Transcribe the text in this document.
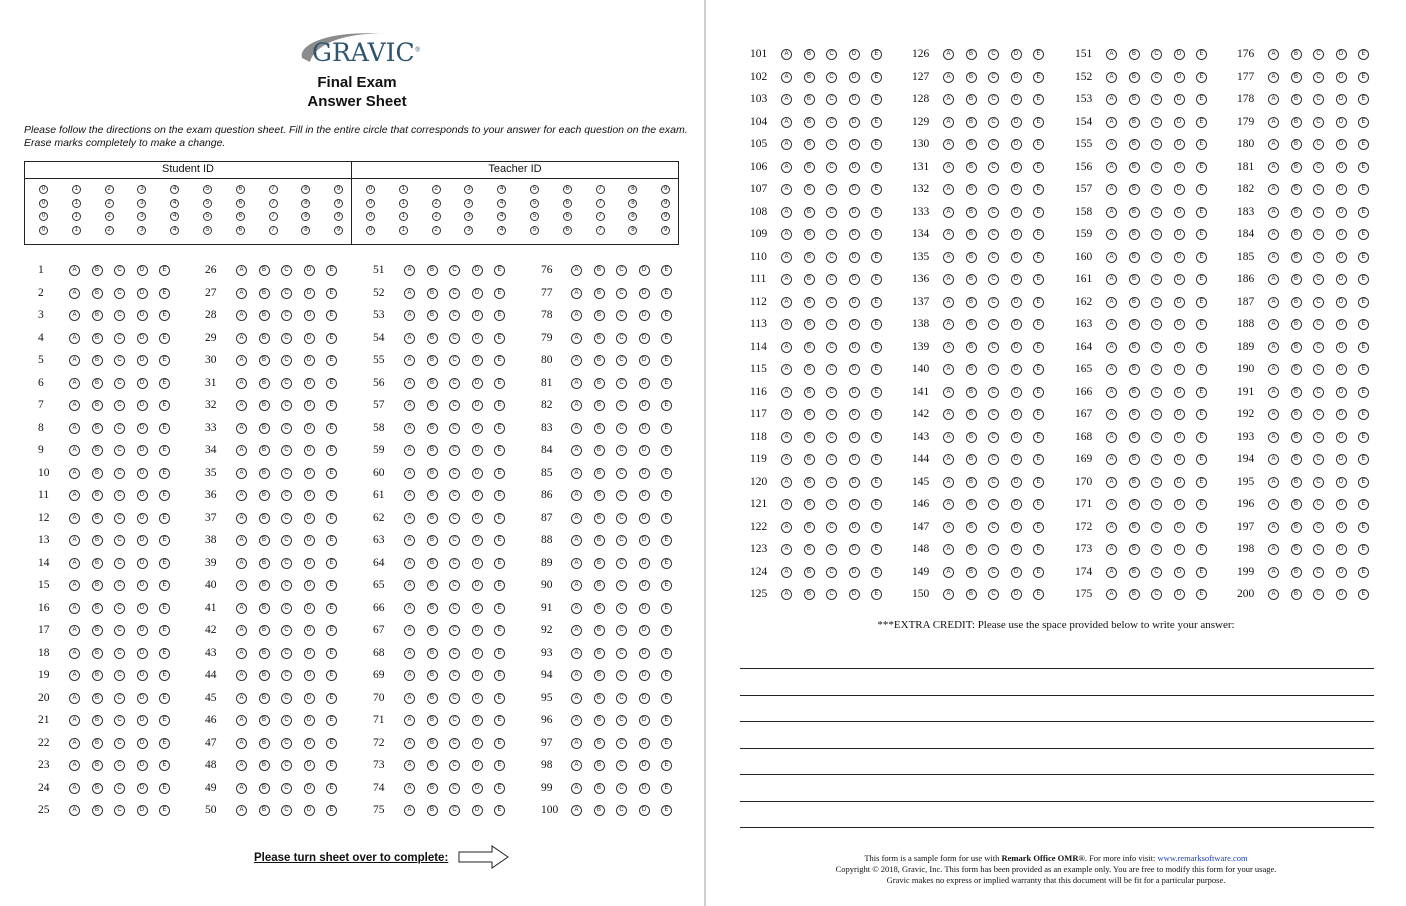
GRAVIC®
Final Exam
Answer Sheet
Please follow the directions on the exam question sheet. Fill in the entire circle that corresponds to your answer for each question on the exam. Erase marks completely to make a change.
Student ID
0	1	2	3	4	5	6	7	8	9
0	1	2	3	4	5	6	7	8	9
0	1	2	3	4	5	6	7	8	9
0	1	2	3	4	5	6	7	8	9
Teacher ID
0	1	2	3	4	5	6	7	8	9
0	1	2	3	4	5	6	7	8	9
0	1	2	3	4	5	6	7	8	9
0	1	2	3	4	5	6	7	8	9
1	A	B	C	D	E
2	A	B	C	D	E
3	A	B	C	D	E
4	A	B	C	D	E
5	A	B	C	D	E
6	A	B	C	D	E
7	A	B	C	D	E
8	A	B	C	D	E
9	A	B	C	D	E
10	A	B	C	D	E
11	A	B	C	D	E
12	A	B	C	D	E
13	A	B	C	D	E
14	A	B	C	D	E
15	A	B	C	D	E
16	A	B	C	D	E
17	A	B	C	D	E
18	A	B	C	D	E
19	A	B	C	D	E
20	A	B	C	D	E
21	A	B	C	D	E
22	A	B	C	D	E
23	A	B	C	D	E
24	A	B	C	D	E
25	A	B	C	D	E
26	A	B	C	D	E
27	A	B	C	D	E
28	A	B	C	D	E
29	A	B	C	D	E
30	A	B	C	D	E
31	A	B	C	D	E
32	A	B	C	D	E
33	A	B	C	D	E
34	A	B	C	D	E
35	A	B	C	D	E
36	A	B	C	D	E
37	A	B	C	D	E
38	A	B	C	D	E
39	A	B	C	D	E
40	A	B	C	D	E
41	A	B	C	D	E
42	A	B	C	D	E
43	A	B	C	D	E
44	A	B	C	D	E
45	A	B	C	D	E
46	A	B	C	D	E
47	A	B	C	D	E
48	A	B	C	D	E
49	A	B	C	D	E
50	A	B	C	D	E
51	A	B	C	D	E
52	A	B	C	D	E
53	A	B	C	D	E
54	A	B	C	D	E
55	A	B	C	D	E
56	A	B	C	D	E
57	A	B	C	D	E
58	A	B	C	D	E
59	A	B	C	D	E
60	A	B	C	D	E
61	A	B	C	D	E
62	A	B	C	D	E
63	A	B	C	D	E
64	A	B	C	D	E
65	A	B	C	D	E
66	A	B	C	D	E
67	A	B	C	D	E
68	A	B	C	D	E
69	A	B	C	D	E
70	A	B	C	D	E
71	A	B	C	D	E
72	A	B	C	D	E
73	A	B	C	D	E
74	A	B	C	D	E
75	A	B	C	D	E
76	A	B	C	D	E
77	A	B	C	D	E
78	A	B	C	D	E
79	A	B	C	D	E
80	A	B	C	D	E
81	A	B	C	D	E
82	A	B	C	D	E
83	A	B	C	D	E
84	A	B	C	D	E
85	A	B	C	D	E
86	A	B	C	D	E
87	A	B	C	D	E
88	A	B	C	D	E
89	A	B	C	D	E
90	A	B	C	D	E
91	A	B	C	D	E
92	A	B	C	D	E
93	A	B	C	D	E
94	A	B	C	D	E
95	A	B	C	D	E
96	A	B	C	D	E
97	A	B	C	D	E
98	A	B	C	D	E
99	A	B	C	D	E
100	A	B	C	D	E
Please turn sheet over to complete:
101	A	B	C	D	E
102	A	B	C	D	E
103	A	B	C	D	E
104	A	B	C	D	E
105	A	B	C	D	E
106	A	B	C	D	E
107	A	B	C	D	E
108	A	B	C	D	E
109	A	B	C	D	E
110	A	B	C	D	E
111	A	B	C	D	E
112	A	B	C	D	E
113	A	B	C	D	E
114	A	B	C	D	E
115	A	B	C	D	E
116	A	B	C	D	E
117	A	B	C	D	E
118	A	B	C	D	E
119	A	B	C	D	E
120	A	B	C	D	E
121	A	B	C	D	E
122	A	B	C	D	E
123	A	B	C	D	E
124	A	B	C	D	E
125	A	B	C	D	E
126	A	B	C	D	E
127	A	B	C	D	E
128	A	B	C	D	E
129	A	B	C	D	E
130	A	B	C	D	E
131	A	B	C	D	E
132	A	B	C	D	E
133	A	B	C	D	E
134	A	B	C	D	E
135	A	B	C	D	E
136	A	B	C	D	E
137	A	B	C	D	E
138	A	B	C	D	E
139	A	B	C	D	E
140	A	B	C	D	E
141	A	B	C	D	E
142	A	B	C	D	E
143	A	B	C	D	E
144	A	B	C	D	E
145	A	B	C	D	E
146	A	B	C	D	E
147	A	B	C	D	E
148	A	B	C	D	E
149	A	B	C	D	E
150	A	B	C	D	E
151	A	B	C	D	E
152	A	B	C	D	E
153	A	B	C	D	E
154	A	B	C	D	E
155	A	B	C	D	E
156	A	B	C	D	E
157	A	B	C	D	E
158	A	B	C	D	E
159	A	B	C	D	E
160	A	B	C	D	E
161	A	B	C	D	E
162	A	B	C	D	E
163	A	B	C	D	E
164	A	B	C	D	E
165	A	B	C	D	E
166	A	B	C	D	E
167	A	B	C	D	E
168	A	B	C	D	E
169	A	B	C	D	E
170	A	B	C	D	E
171	A	B	C	D	E
172	A	B	C	D	E
173	A	B	C	D	E
174	A	B	C	D	E
175	A	B	C	D	E
176	A	B	C	D	E
177	A	B	C	D	E
178	A	B	C	D	E
179	A	B	C	D	E
180	A	B	C	D	E
181	A	B	C	D	E
182	A	B	C	D	E
183	A	B	C	D	E
184	A	B	C	D	E
185	A	B	C	D	E
186	A	B	C	D	E
187	A	B	C	D	E
188	A	B	C	D	E
189	A	B	C	D	E
190	A	B	C	D	E
191	A	B	C	D	E
192	A	B	C	D	E
193	A	B	C	D	E
194	A	B	C	D	E
195	A	B	C	D	E
196	A	B	C	D	E
197	A	B	C	D	E
198	A	B	C	D	E
199	A	B	C	D	E
200	A	B	C	D	E
***EXTRA CREDIT: Please use the space provided below to write your answer:
This form is a sample form for use with Remark Office OMR®. For more info visit: www.remarksoftware.com
Copyright © 2018, Gravic, Inc. This form has been provided as an example only. You are free to modify this form for your usage.
Gravic makes no express or implied warranty that this document will be fit for a particular purpose.
